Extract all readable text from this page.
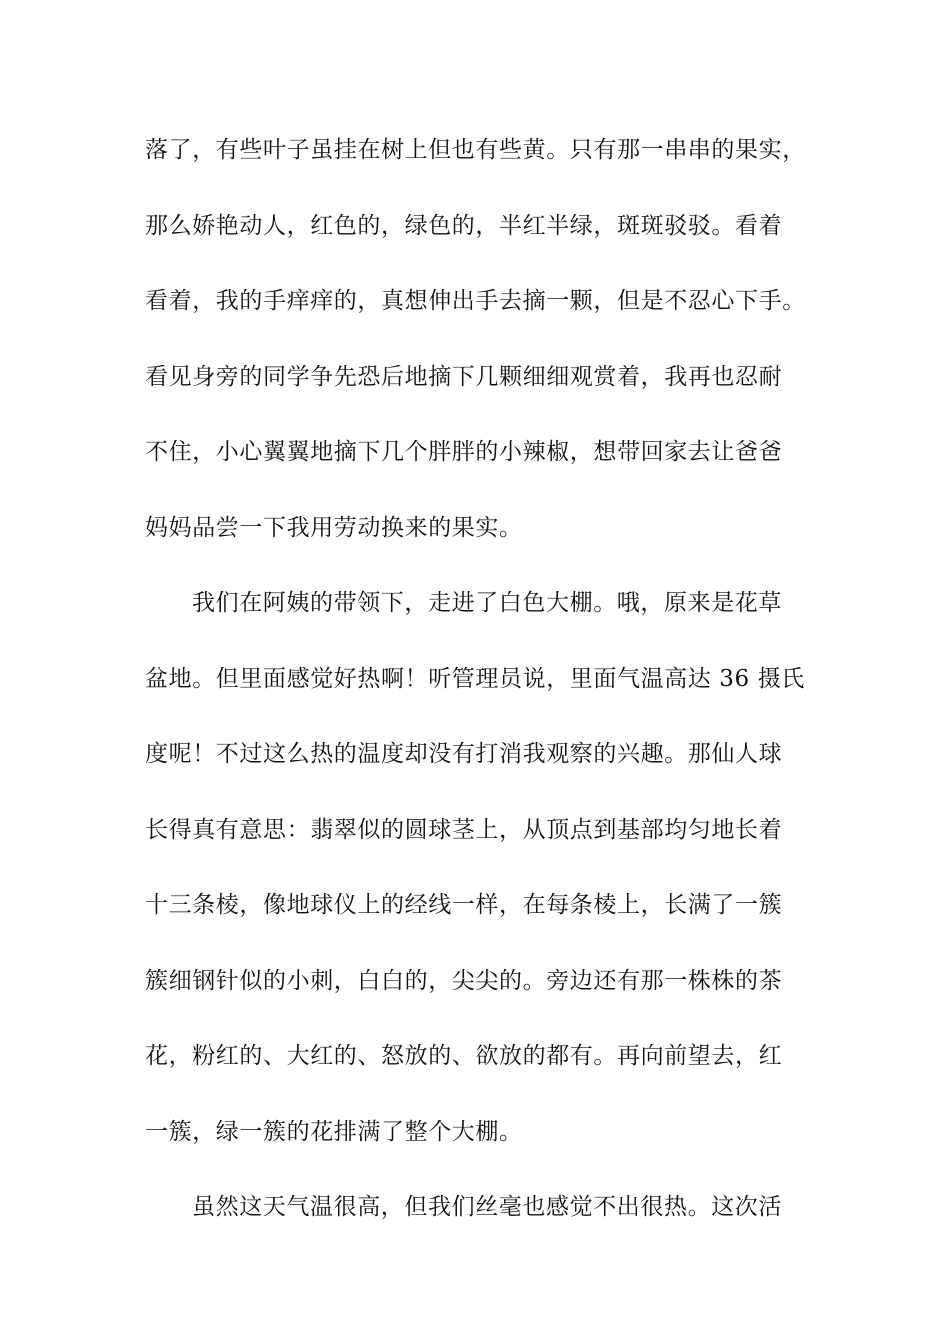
落了，有些叶子虽挂在树上但也有些黄。只有那一串串的果实，
那么娇艳动人，红色的，绿色的，半红半绿，斑斑驳驳。看着
看着，我的手痒痒的，真想伸出手去摘一颗，但是不忍心下手。
看见身旁的同学争先恐后地摘下几颗细细观赏着，我再也忍耐
不住，小心翼翼地摘下几个胖胖的小辣椒，想带回家去让爸爸
妈妈品尝一下我用劳动换来的果实。
我们在阿姨的带领下，走进了白色大棚。哦，原来是花草
盆地。但里面感觉好热啊！听管理员说，里面气温高达 36 摄氏
度呢！不过这么热的温度却没有打消我观察的兴趣。那仙人球
长得真有意思：翡翠似的圆球茎上，从顶点到基部均匀地长着
十三条棱，像地球仪上的经线一样，在每条棱上，长满了一簇
簇细钢针似的小刺，白白的，尖尖的。旁边还有那一株株的茶
花，粉红的、大红的、怒放的、欲放的都有。再向前望去，红
一簇，绿一簇的花排满了整个大棚。
虽然这天气温很高，但我们丝毫也感觉不出很热。这次活
